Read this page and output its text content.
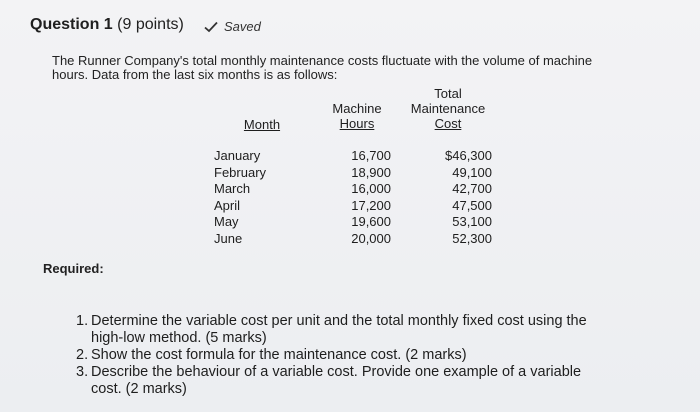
Question 1 (9 points)	Saved
The Runner Company's total monthly maintenance costs fluctuate with the volume of machine
hours. Data from the last six months is as follows:
Month
Machine
Hours
Total
Maintenance
Cost
January
February
March
April
May
June
16,700
18,900
16,000
17,200
19,600
20,000
$46,300
49,100
42,700
47,500
53,100
52,300
Required:
1. Determine the variable cost per unit and the total monthly fixed cost using the
high-low method. (5 marks)
2. Show the cost formula for the maintenance cost. (2 marks)
3. Describe the behaviour of a variable cost. Provide one example of a variable
cost. (2 marks)
